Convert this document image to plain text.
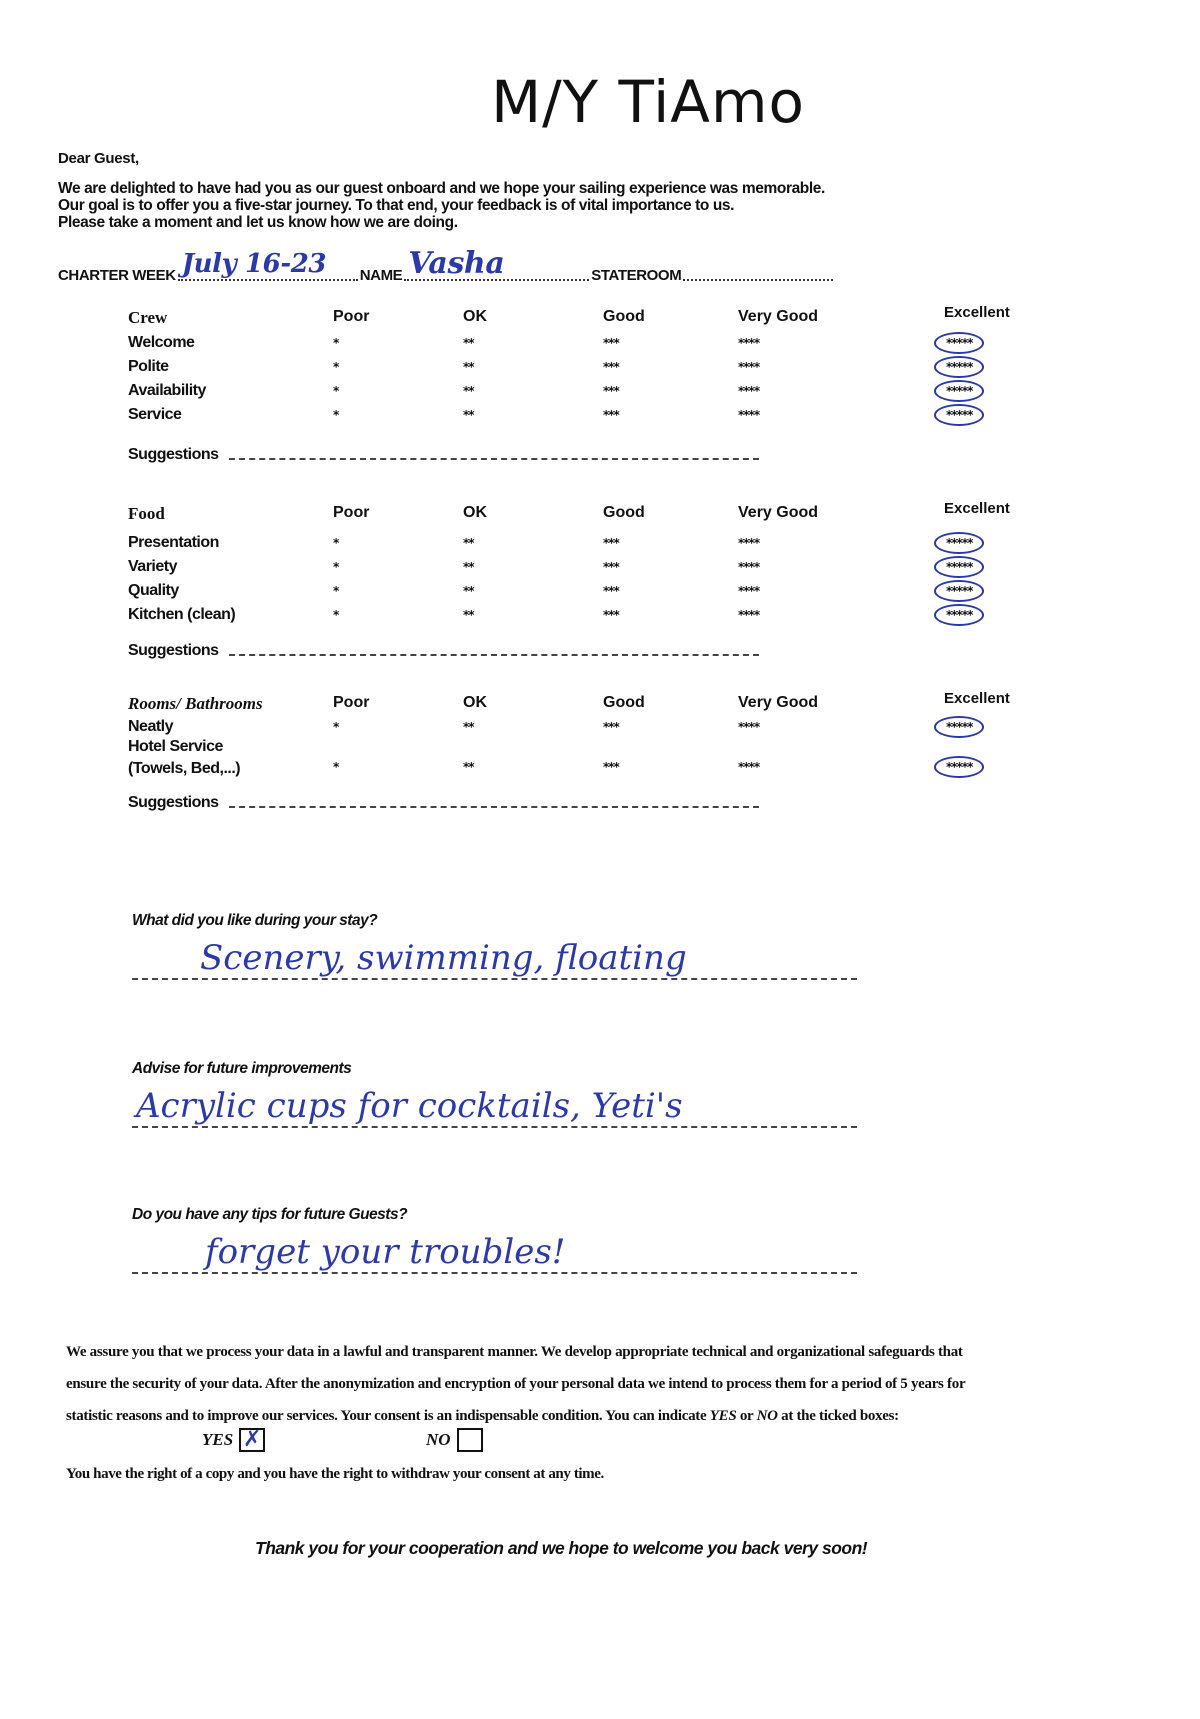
M/Y TiAmo
Dear Guest,
We are delighted to have had you as our guest onboard and we hope your sailing experience was memorable.
Our goal is to offer you a five-star journey. To that end, your feedback is of vital importance to us.
Please take a moment and let us know how we are doing.
CHARTER WEEK July 16-23 NAME Vasha	STATEROOM
Crew	Poor	OK	Good	Very Good	Excellent
Welcome	*	**	***	****	*****
Polite	*	**	***	****	*****
Availability	*	**	***	****	*****
Service	*	**	***	****	*****
Suggestions
Food	Poor	OK	Good	Very Good	Excellent
Presentation	*	**	***	****	*****
Variety	*	**	***	****	*****
Quality	*	**	***	****	*****
Kitchen (clean)	*	**	***	****	*****
Suggestions
Rooms/ Bathrooms	Poor	OK	Good	Very Good	Excellent
Neatly	*	**	***	****	*****
Hotel Service
(Towels, Bed,...)	*	**	***	****	*****
Suggestions
What did you like during your stay?
Scenery, swimming, floating
Advise for future improvements
Acrylic cups for cocktails, Yeti's
Do you have any tips for future Guests?
forget your troubles!
We assure you that we process your data in a lawful and transparent manner. We develop appropriate technical and organizational safeguards that
ensure the security of your data. After the anonymization and encryption of your personal data we intend to process them for a period of 5 years for
statistic reasons and to improve our services. Your consent is an indispensable condition. You can indicate YES or NO at the ticked boxes:
YES ✗	NO
You have the right of a copy and you have the right to withdraw your consent at any time.
Thank you for your cooperation and we hope to welcome you back very soon!
